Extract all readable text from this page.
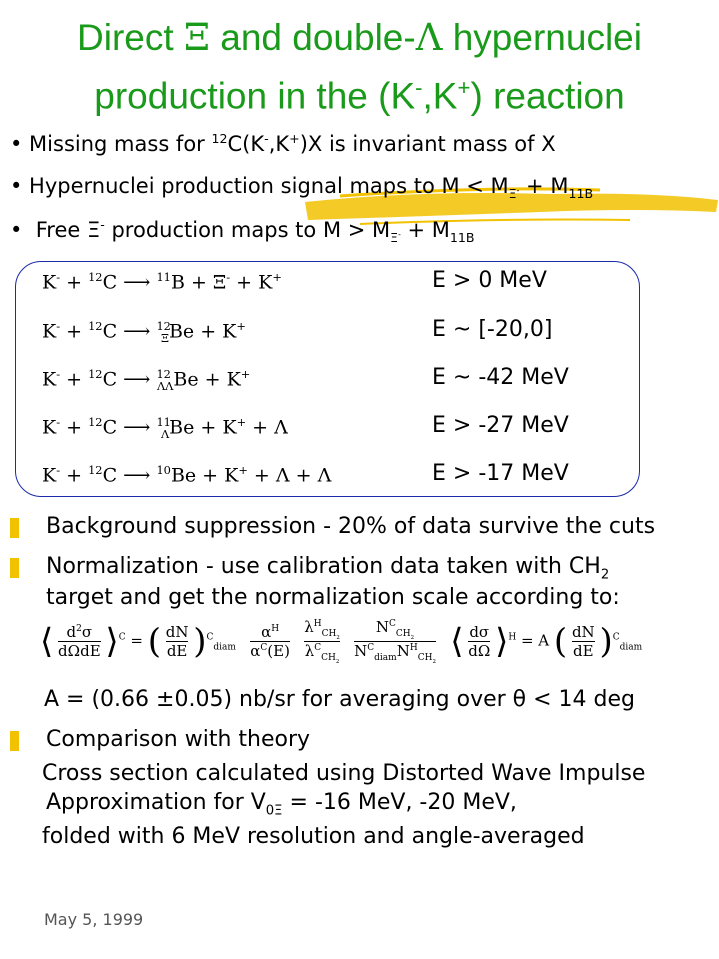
Direct Ξ and double-Λ hypernuclei
production in the (K-,K+) reaction
• Missing mass for $^{12}$C(K-,K+)X is invariant mass of X
• Hypernuclei production signal maps to $M < M_{\Xi^-} + M_{11B}$
•  Free Ξ- production maps to $M > M_{\Xi^-} + M_{11B}$
K- + $^{12}$C ⟶ $^{11}$B + Ξ- + K+	E > 0 MeV
K- + $^{12}$C ⟶ $^{12}_\Xi$Be + K+	E ~ [-20,0]
K- + $^{12}$C ⟶ $^{12}_{\Lambda\Lambda}$Be + K+	E ~ -42 MeV
K- + $^{12}$C ⟶ $^{11}_\Lambda$Be + K+ + Λ	E > -27 MeV
K- + $^{12}$C ⟶ $^{10}$Be + K+ + Λ + Λ	E > -17 MeV
Background suppression - 20% of data survive the cuts
Normalization - use calibration data taken with $CH_2$
target and get the normalization scale according to:
⟨ $d^2\sigma$
dΩdE ⟩$^C$ = ( $\frac{dN}{dE} )^C_{diam} \frac{\alpha^H}{\alpha^C(E)}$
$\lambda^H_{CH_2}$
$\lambda^C_{CH_2}$

$N^C_{CH_2}$
$N^C_{diam}N^H_{CH_2}$
⟨ $\frac{d\sigma}{d\Omega}$ ⟩$^H$ = A ( $\frac{dN}{dE} )^C_{diam}$
A = (0.66 ±0.05) nb/sr for averaging over θ < 14 deg
Comparison with theory
Cross section calculated using Distorted Wave Impulse
Approximation for $V_{0\Xi} = -16$ MeV, -20 MeV,
folded with 6 MeV resolution and angle-averaged
May 5, 1999
